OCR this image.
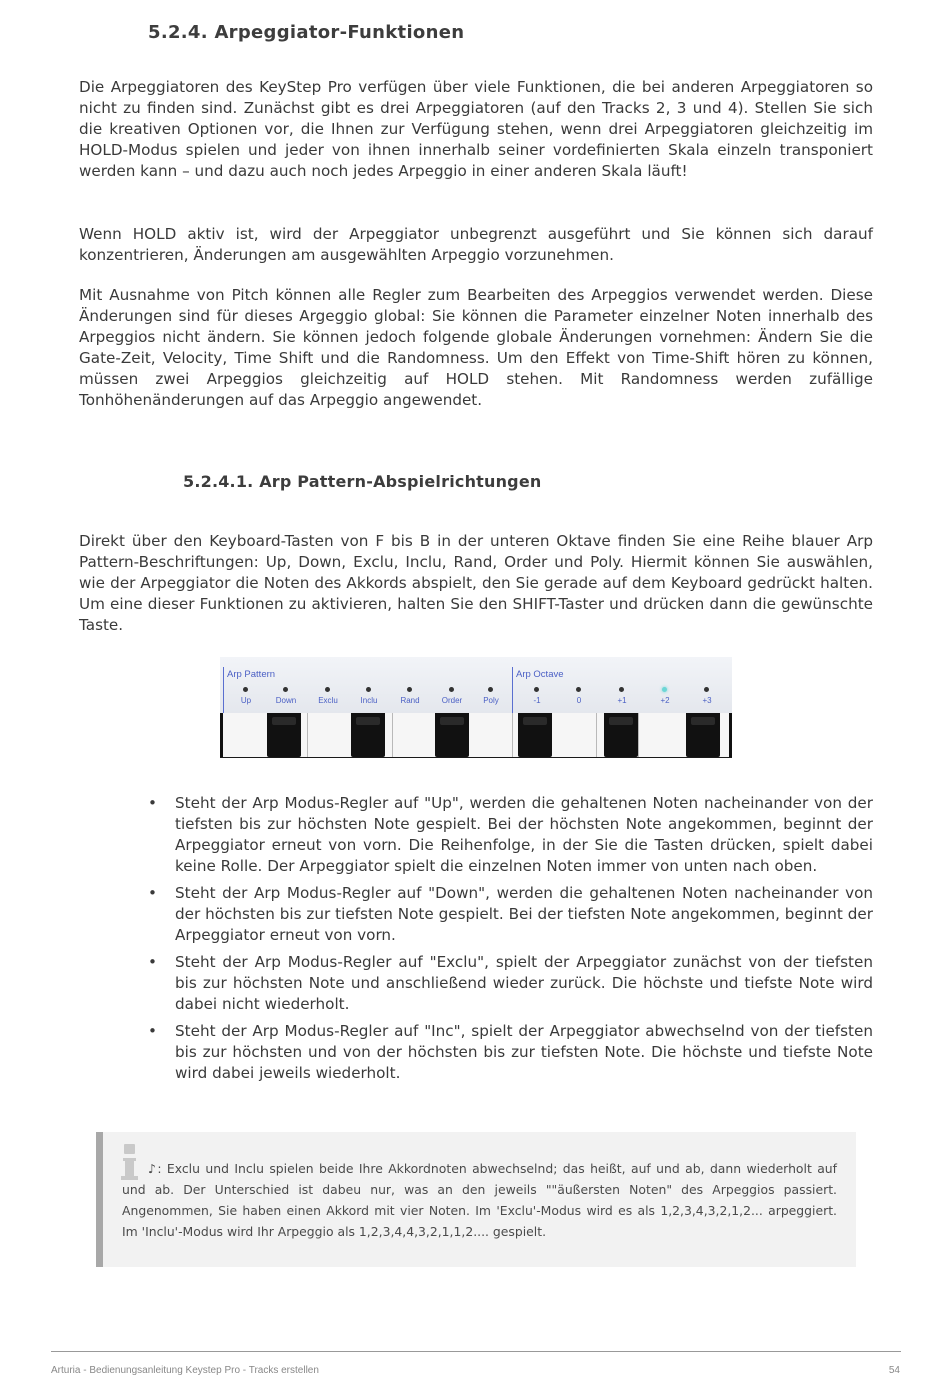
5.2.4. Arpeggiator-Funktionen

Die Arpeggiatoren des KeyStep Pro verfügen über viele Funktionen, die bei anderen Arpeggiatoren so nicht zu finden sind. Zunächst gibt es drei Arpeggiatoren (auf den Tracks 2, 3 und 4). Stellen Sie sich die kreativen Optionen vor, die Ihnen zur Verfügung stehen, wenn drei Arpeggiatoren gleichzeitig im HOLD-Modus spielen und jeder von ihnen innerhalb seiner vordefinierten Skala einzeln transponiert werden kann – und dazu auch noch jedes Arpeggio in einer anderen Skala läuft!

Wenn HOLD aktiv ist, wird der Arpeggiator unbegrenzt ausgeführt und Sie können sich darauf konzentrieren, Änderungen am ausgewählten Arpeggio vorzunehmen.

Mit Ausnahme von Pitch können alle Regler zum Bearbeiten des Arpeggios verwendet werden. Diese Änderungen sind für dieses Argeggio global: Sie können die Parameter einzelner Noten innerhalb des Arpeggios nicht ändern. Sie können jedoch folgende globale Änderungen vornehmen: Ändern Sie die Gate-Zeit, Velocity, Time Shift und die Randomness. Um den Effekt von Time-Shift hören zu können, müssen zwei Arpeggios gleichzeitig auf HOLD stehen. Mit Randomness werden zufällige Tonhöhenänderungen auf das Arpeggio angewendet.

5.2.4.1. Arp Pattern-Abspielrichtungen

Direkt über den Keyboard-Tasten von F bis B in der unteren Oktave finden Sie eine Reihe blauer Arp Pattern-Beschriftungen: Up, Down, Exclu, Inclu, Rand, Order und Poly. Hiermit können Sie auswählen, wie der Arpeggiator die Noten des Akkords abspielt, den Sie gerade auf dem Keyboard gedrückt halten. Um eine dieser Funktionen zu aktivieren, halten Sie den SHIFT-Taster und drücken dann die gewünschte Taste.

Arp Pattern	Arp Octave
Up	Down	Exclu	Inclu	Rand	Order	Poly	-1	0	+1	+2	+3
• Steht der Arp Modus-Regler auf "Up", werden die gehaltenen Noten nacheinander von der tiefsten bis zur höchsten Note gespielt. Bei der höchsten Note angekommen, beginnt der Arpeggiator erneut von vorn. Die Reihenfolge, in der Sie die Tasten drücken, spielt dabei keine Rolle. Der Arpeggiator spielt die einzelnen Noten immer von unten nach oben.
• Steht der Arp Modus-Regler auf "Down", werden die gehaltenen Noten nacheinander von der höchsten bis zur tiefsten Note gespielt. Bei der tiefsten Note angekommen, beginnt der Arpeggiator erneut von vorn.
• Steht der Arp Modus-Regler auf "Exclu", spielt der Arpeggiator zunächst von der tiefsten bis zur höchsten Note und anschließend wieder zurück. Die höchste und tiefste Note wird dabei nicht wiederholt.
• Steht der Arp Modus-Regler auf "Inc", spielt der Arpeggiator abwechselnd von der tiefsten bis zur höchsten und von der höchsten bis zur tiefsten Note. Die höchste und tiefste Note wird dabei jeweils wiederholt.

♪: Exclu und Inclu spielen beide Ihre Akkordnoten abwechselnd; das heißt, auf und ab, dann wiederholt auf und ab. Der Unterschied ist dabeu nur, was an den jeweils ""äußersten Noten" des Arpeggios passiert. Angenommen, Sie haben einen Akkord mit vier Noten. Im 'Exclu'-Modus wird es als 1,2,3,4,3,2,1,2... arpeggiert. Im 'Inclu'-Modus wird Ihr Arpeggio als 1,2,3,4,4,3,2,1,1,2.... gespielt.

Arturia - Bedienungsanleitung Keystep Pro - Tracks erstellen	54
